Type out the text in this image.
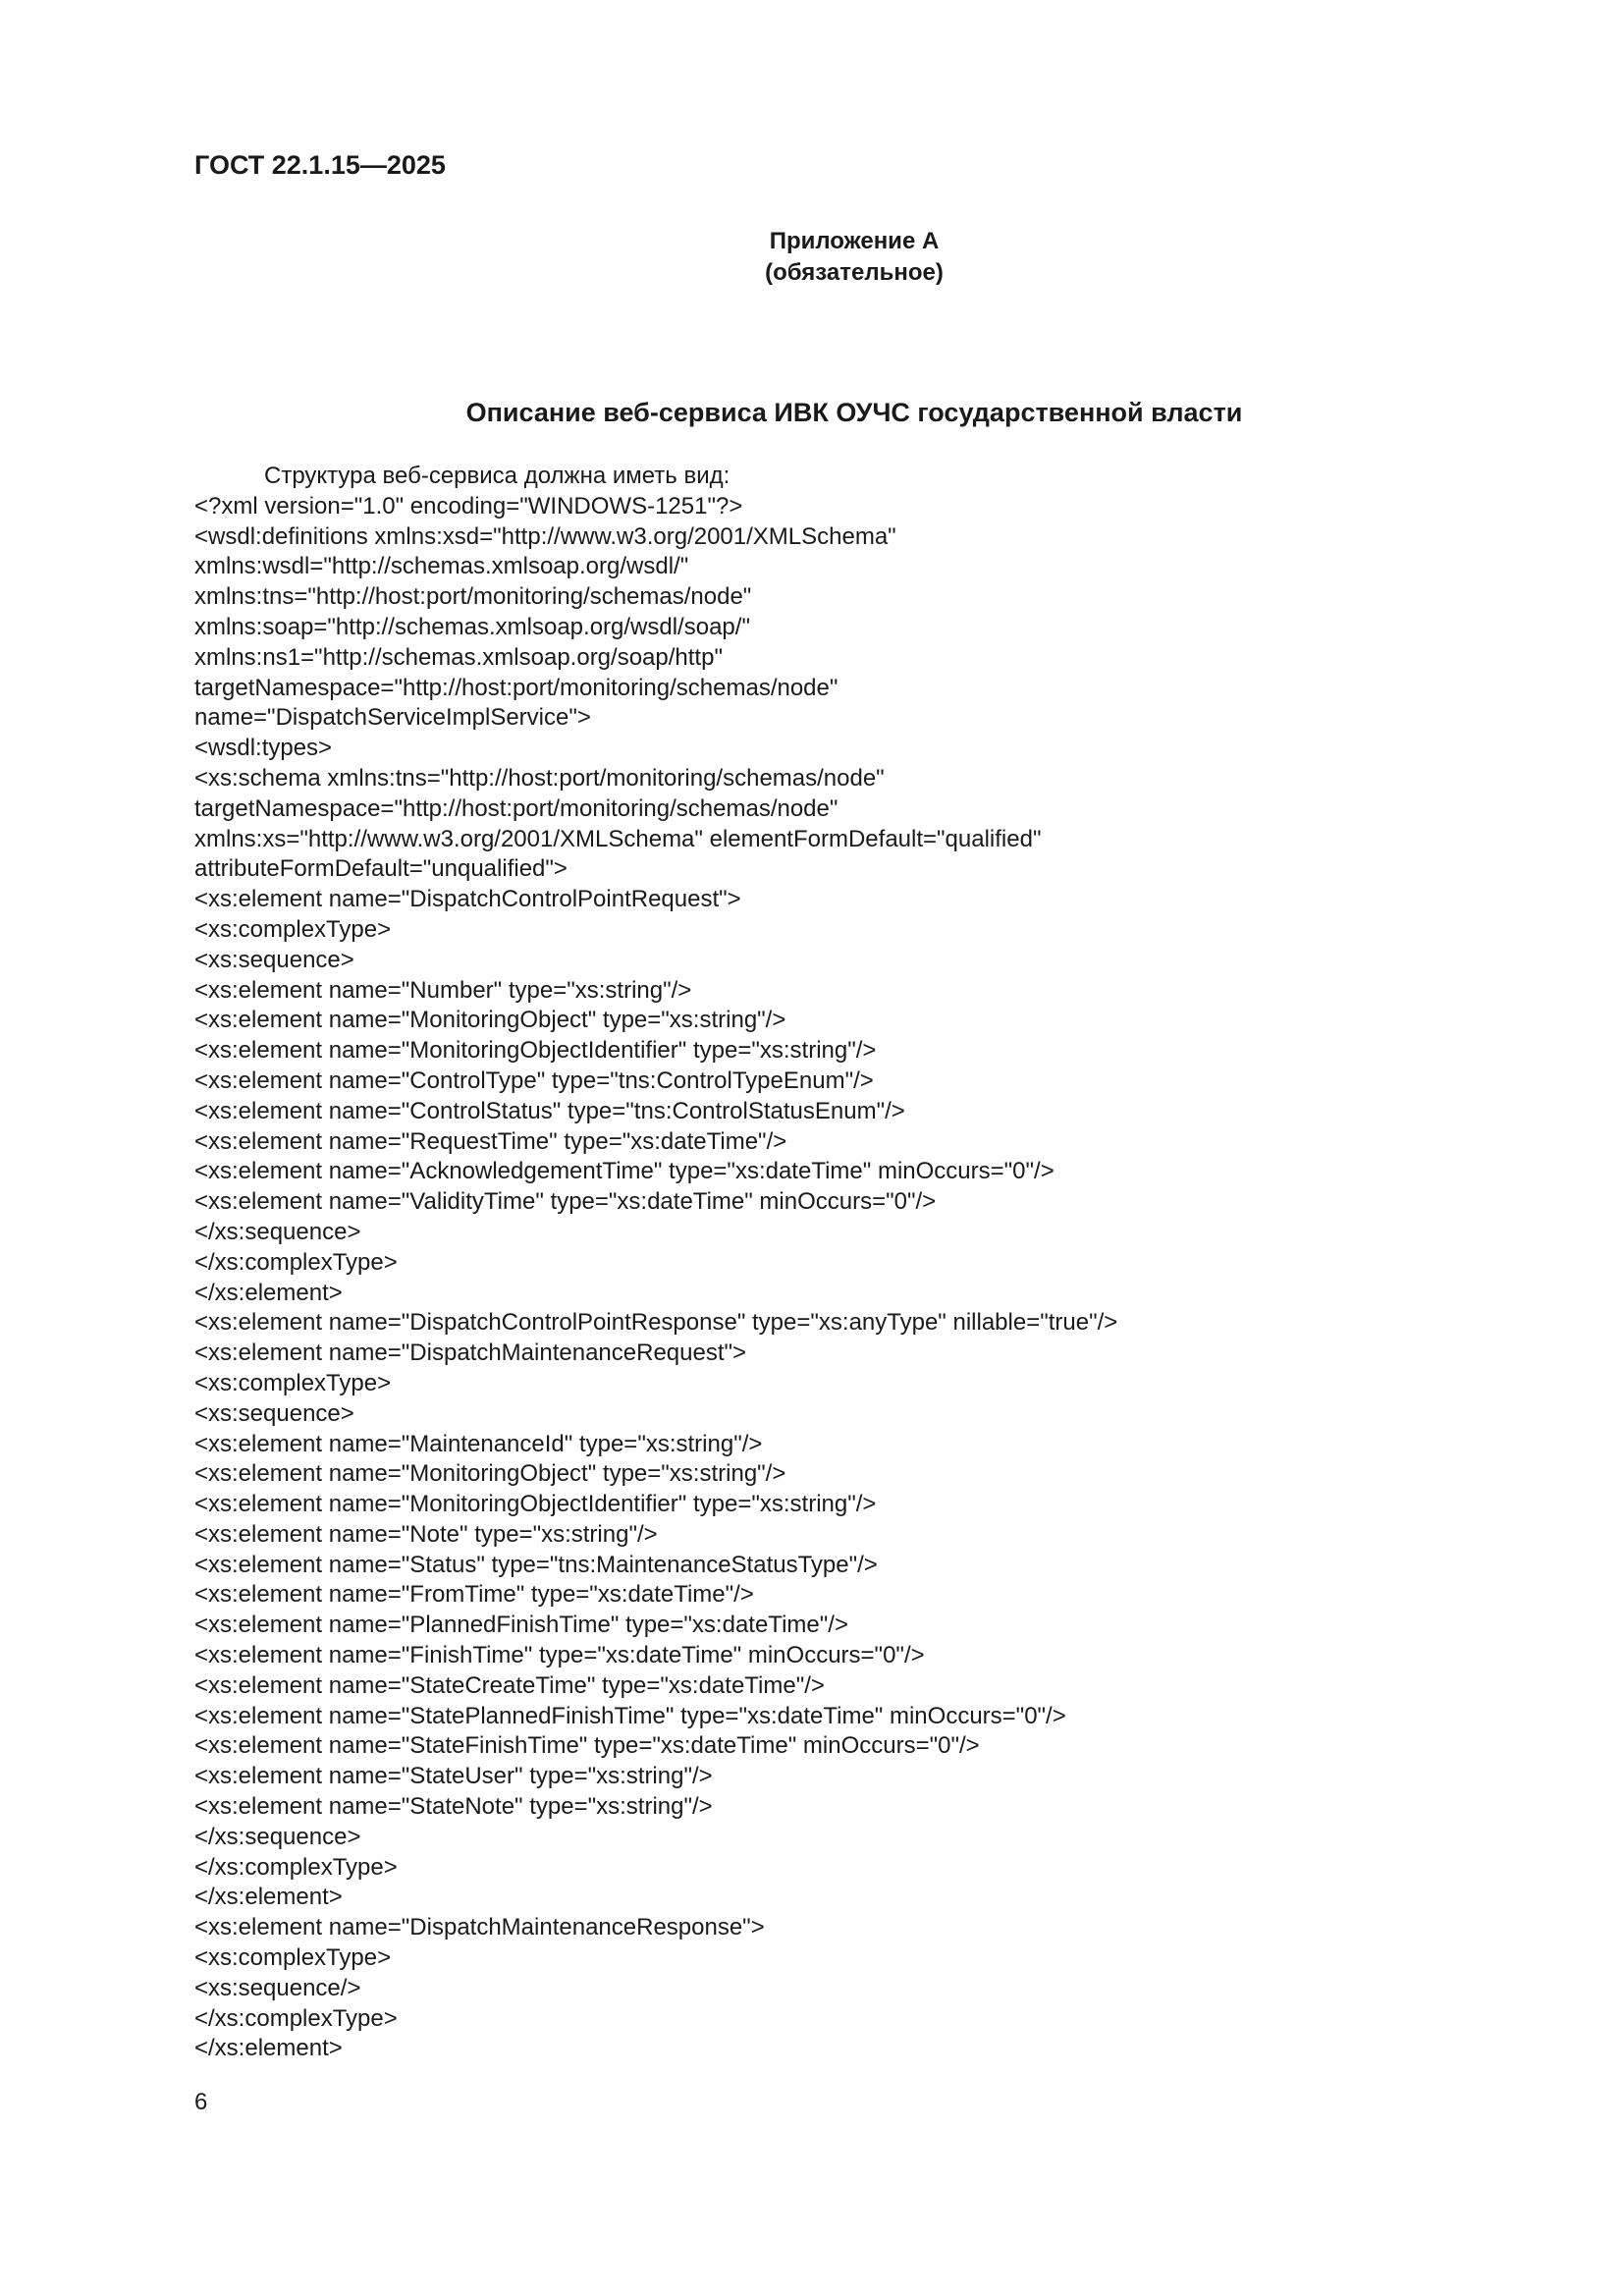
ГОСТ 22.1.15—2025
Приложение А
(обязательное)
Описание веб-сервиса ИВК ОУЧС государственной власти
Структура веб-сервиса должна иметь вид:
<?xml version="1.0" encoding="WINDOWS-1251"?>
<wsdl:definitions xmlns:xsd="http://www.w3.org/2001/XMLSchema"
xmlns:wsdl="http://schemas.xmlsoap.org/wsdl/"
xmlns:tns="http://host:port/monitoring/schemas/node"
xmlns:soap="http://schemas.xmlsoap.org/wsdl/soap/"
xmlns:ns1="http://schemas.xmlsoap.org/soap/http"
targetNamespace="http://host:port/monitoring/schemas/node"
name="DispatchServiceImplService">
<wsdl:types>
<xs:schema xmlns:tns="http://host:port/monitoring/schemas/node"
targetNamespace="http://host:port/monitoring/schemas/node"
xmlns:xs="http://www.w3.org/2001/XMLSchema" elementFormDefault="qualified"
attributeFormDefault="unqualified">
<xs:element name="DispatchControlPointRequest">
<xs:complexType>
<xs:sequence>
<xs:element name="Number" type="xs:string"/>
<xs:element name="MonitoringObject" type="xs:string"/>
<xs:element name="MonitoringObjectIdentifier" type="xs:string"/>
<xs:element name="ControlType" type="tns:ControlTypeEnum"/>
<xs:element name="ControlStatus" type="tns:ControlStatusEnum"/>
<xs:element name="RequestTime" type="xs:dateTime"/>
<xs:element name="AcknowledgementTime" type="xs:dateTime" minOccurs="0"/>
<xs:element name="ValidityTime" type="xs:dateTime" minOccurs="0"/>
</xs:sequence>
</xs:complexType>
</xs:element>
<xs:element name="DispatchControlPointResponse" type="xs:anyType" nillable="true"/>
<xs:element name="DispatchMaintenanceRequest">
<xs:complexType>
<xs:sequence>
<xs:element name="MaintenanceId" type="xs:string"/>
<xs:element name="MonitoringObject" type="xs:string"/>
<xs:element name="MonitoringObjectIdentifier" type="xs:string"/>
<xs:element name="Note" type="xs:string"/>
<xs:element name="Status" type="tns:MaintenanceStatusType"/>
<xs:element name="FromTime" type="xs:dateTime"/>
<xs:element name="PlannedFinishTime" type="xs:dateTime"/>
<xs:element name="FinishTime" type="xs:dateTime" minOccurs="0"/>
<xs:element name="StateCreateTime" type="xs:dateTime"/>
<xs:element name="StatePlannedFinishTime" type="xs:dateTime" minOccurs="0"/>
<xs:element name="StateFinishTime" type="xs:dateTime" minOccurs="0"/>
<xs:element name="StateUser" type="xs:string"/>
<xs:element name="StateNote" type="xs:string"/>
</xs:sequence>
</xs:complexType>
</xs:element>
<xs:element name="DispatchMaintenanceResponse">
<xs:complexType>
<xs:sequence/>
</xs:complexType>
</xs:element>
6
